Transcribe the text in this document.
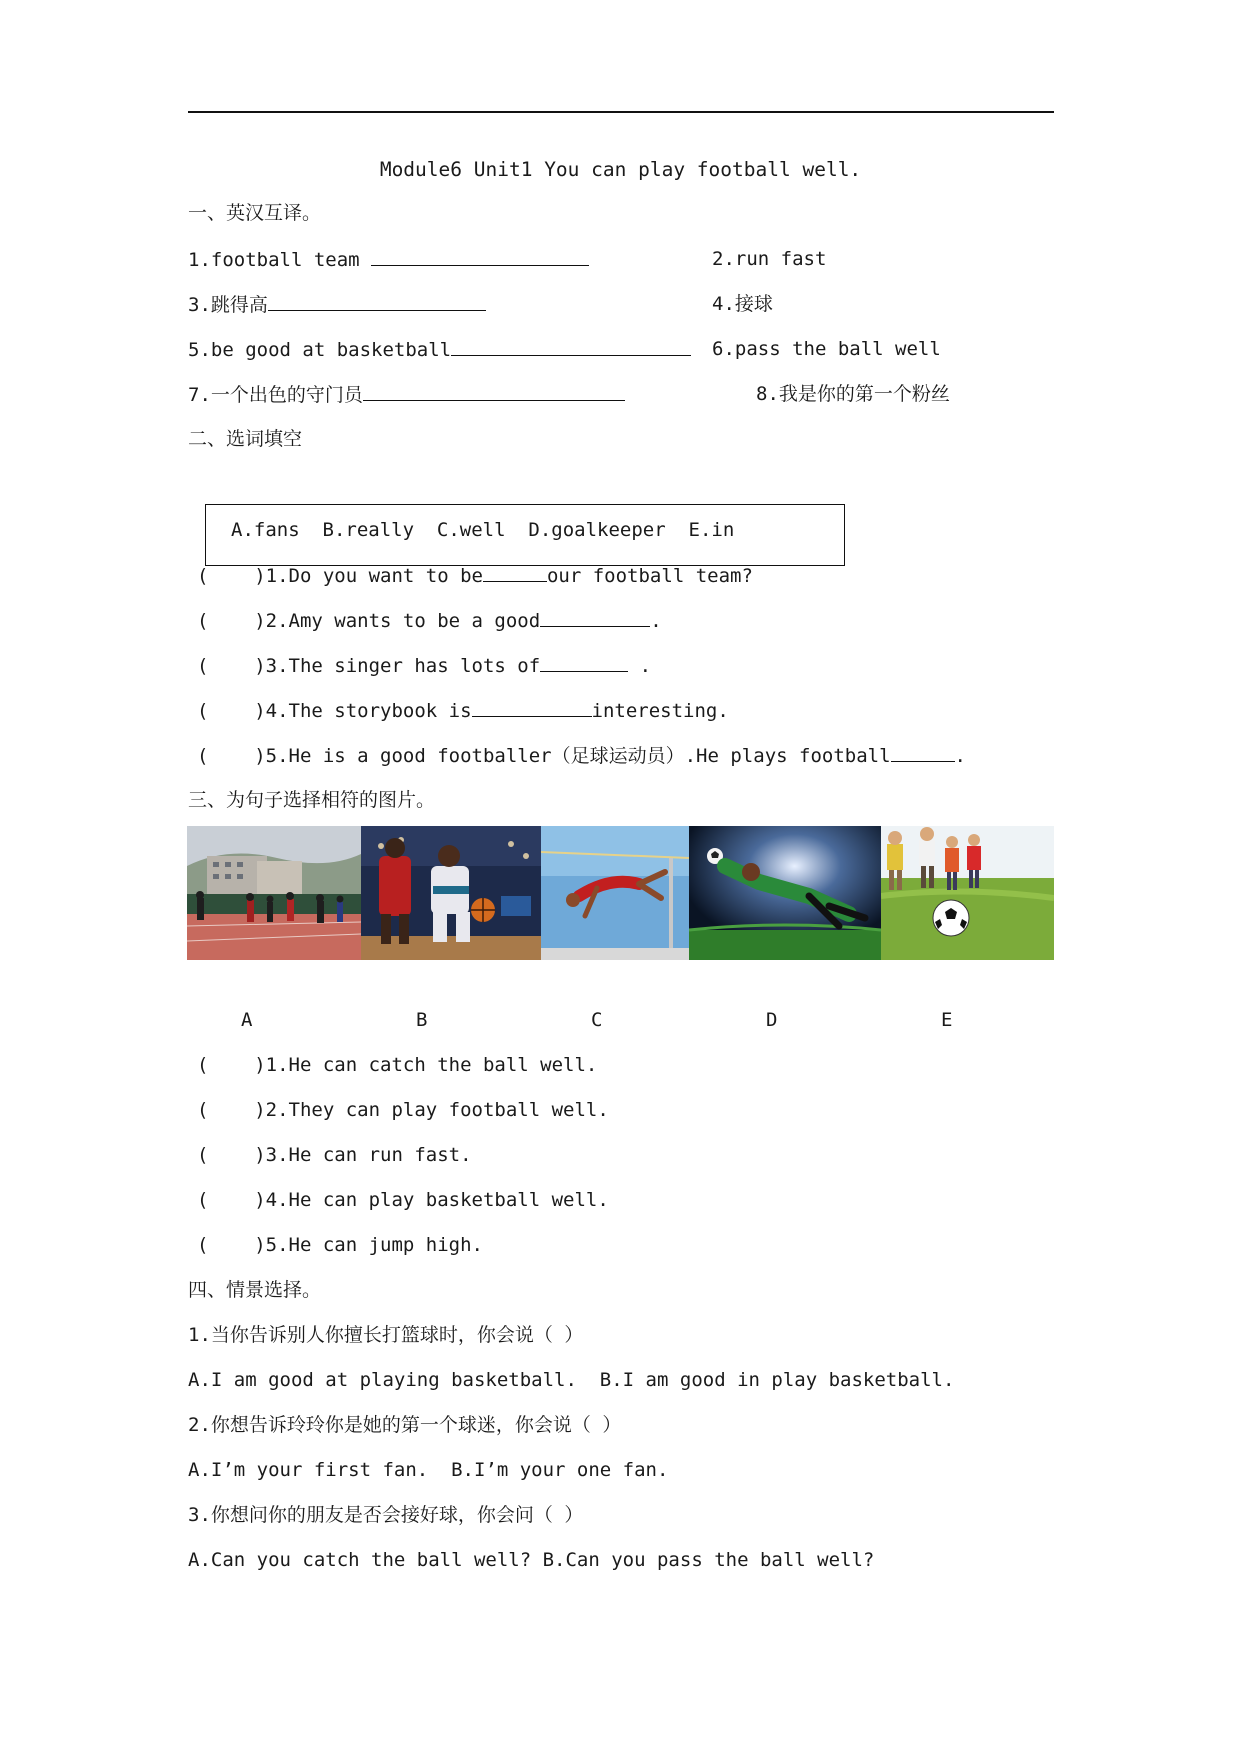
Module6 Unit1 You can play football well.
一、英汉互译。
1.football team	2.run fast
3.跳得高	4.接球
5.be good at basketball	6.pass the ball well
7.一个出色的守门员	8.我是你的第一个粉丝
二、选词填空
A.fans  B.really  C.well  D.goalkeeper  E.in
(    )1.Do you want to be	our football team?
(    )2.Amy wants to be a good	.
(    )3.The singer has lots of	.
(    )4.The storybook is	interesting.
(    )5.He is a good footballer（足球运动员）.He plays football	.
三、为句子选择相符的图片。
A	B	C	D	E
(    )1.He can catch the ball well.
(    )2.They can play football well.
(    )3.He can run fast.
(    )4.He can play basketball well.
(    )5.He can jump high.
四、情景选择。
1.当你告诉别人你擅长打篮球时，你会说（ ）
A.I am good at playing basketball.  B.I am good in play basketball.
2.你想告诉玲玲你是她的第一个球迷，你会说（ ）
A.I’m your first fan.  B.I’m your one fan.
3.你想问你的朋友是否会接好球，你会问（ ）
A.Can you catch the ball well? B.Can you pass the ball well?
